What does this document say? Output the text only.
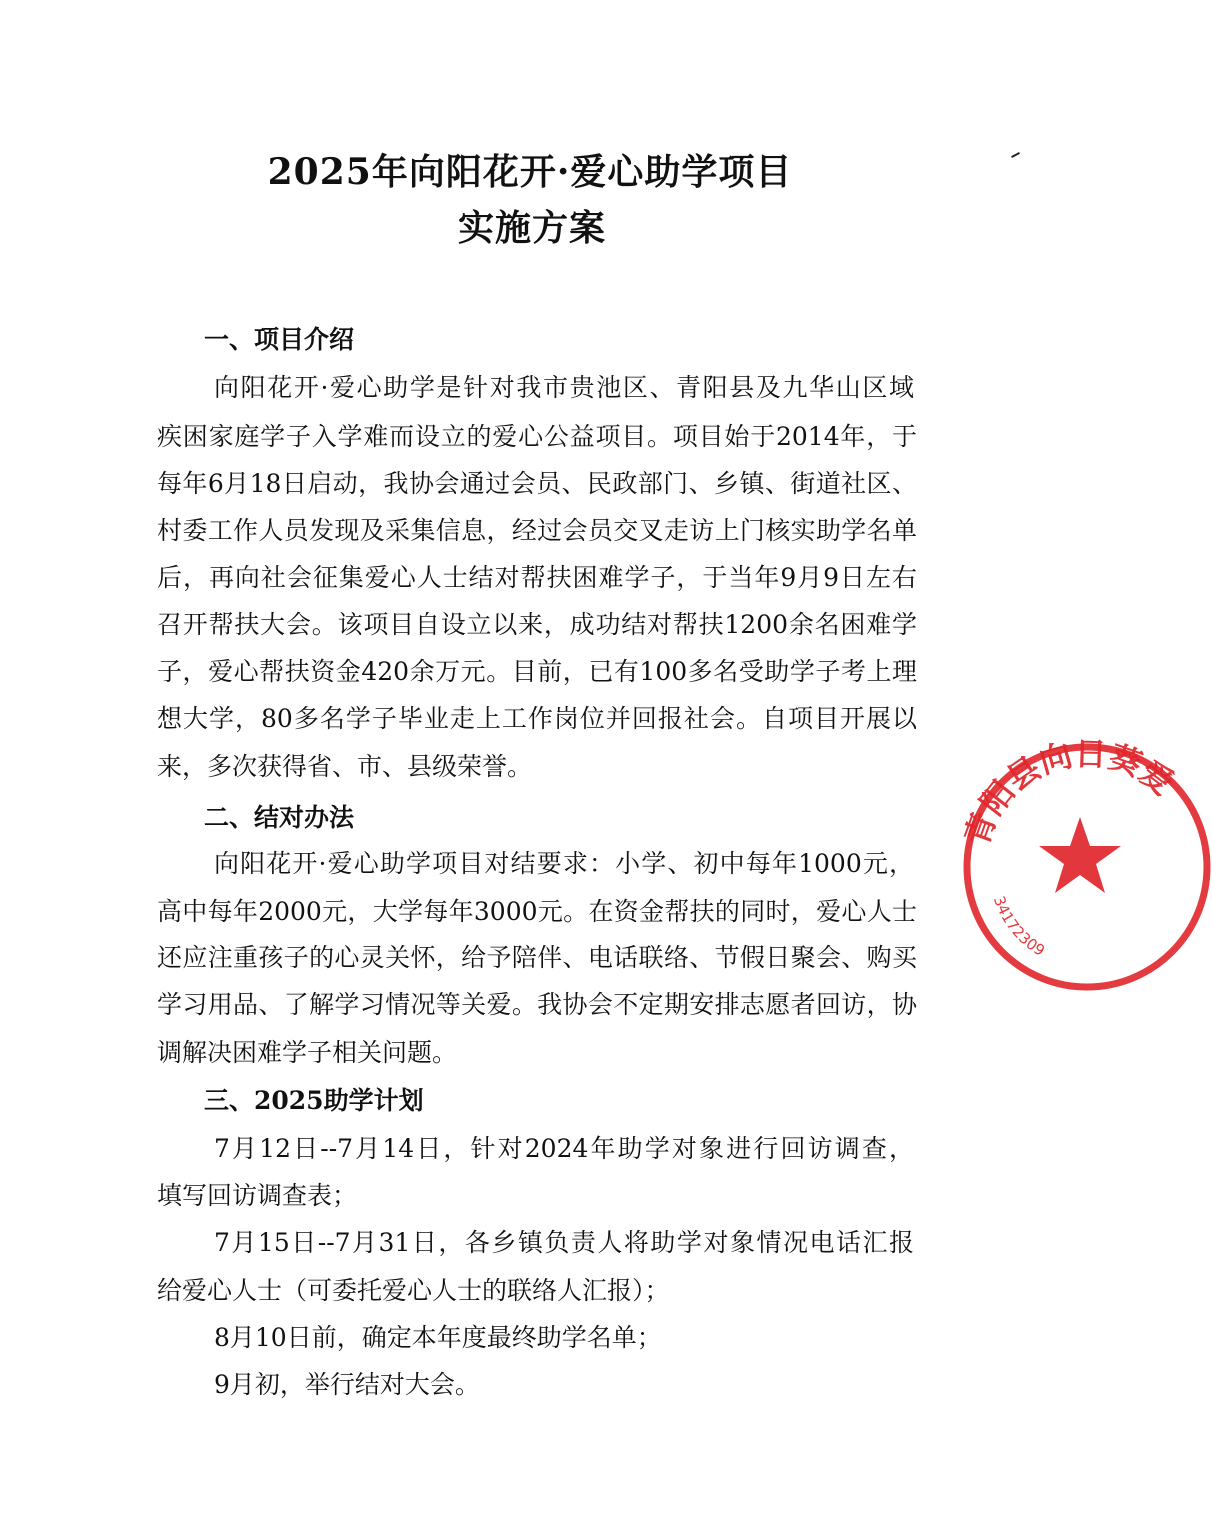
2025年向阳花开·爱心助学项目
实施方案
一、项目介绍
向阳花开·爱心助学是针对我市贵池区、青阳县及九华山区域
疾困家庭学子入学难而设立的爱心公益项目。项目始于2014年，于
每年6月18日启动，我协会通过会员、民政部门、乡镇、街道社区、
村委工作人员发现及采集信息，经过会员交叉走访上门核实助学名单
后，再向社会征集爱心人士结对帮扶困难学子，于当年9月9日左右
召开帮扶大会。该项目自设立以来，成功结对帮扶1200余名困难学
子，爱心帮扶资金420余万元。目前，已有100多名受助学子考上理
想大学，80多名学子毕业走上工作岗位并回报社会。自项目开展以
来，多次获得省、市、县级荣誉。
二、结对办法
向阳花开·爱心助学项目对结要求：小学、初中每年1000元，
高中每年2000元，大学每年3000元。在资金帮扶的同时，爱心人士
还应注重孩子的心灵关怀，给予陪伴、电话联络、节假日聚会、购买
学习用品、了解学习情况等关爱。我协会不定期安排志愿者回访，协
调解决困难学子相关问题。
三、2025助学计划
7月12日--7月14日，针对2024年助学对象进行回访调查，
填写回访调查表；
7月15日--7月31日，各乡镇负责人将助学对象情况电话汇报
给爱心人士（可委托爱心人士的联络人汇报）；
8月10日前，确定本年度最终助学名单；
9月初，举行结对大会。
青阳县向日葵爱
34172309
